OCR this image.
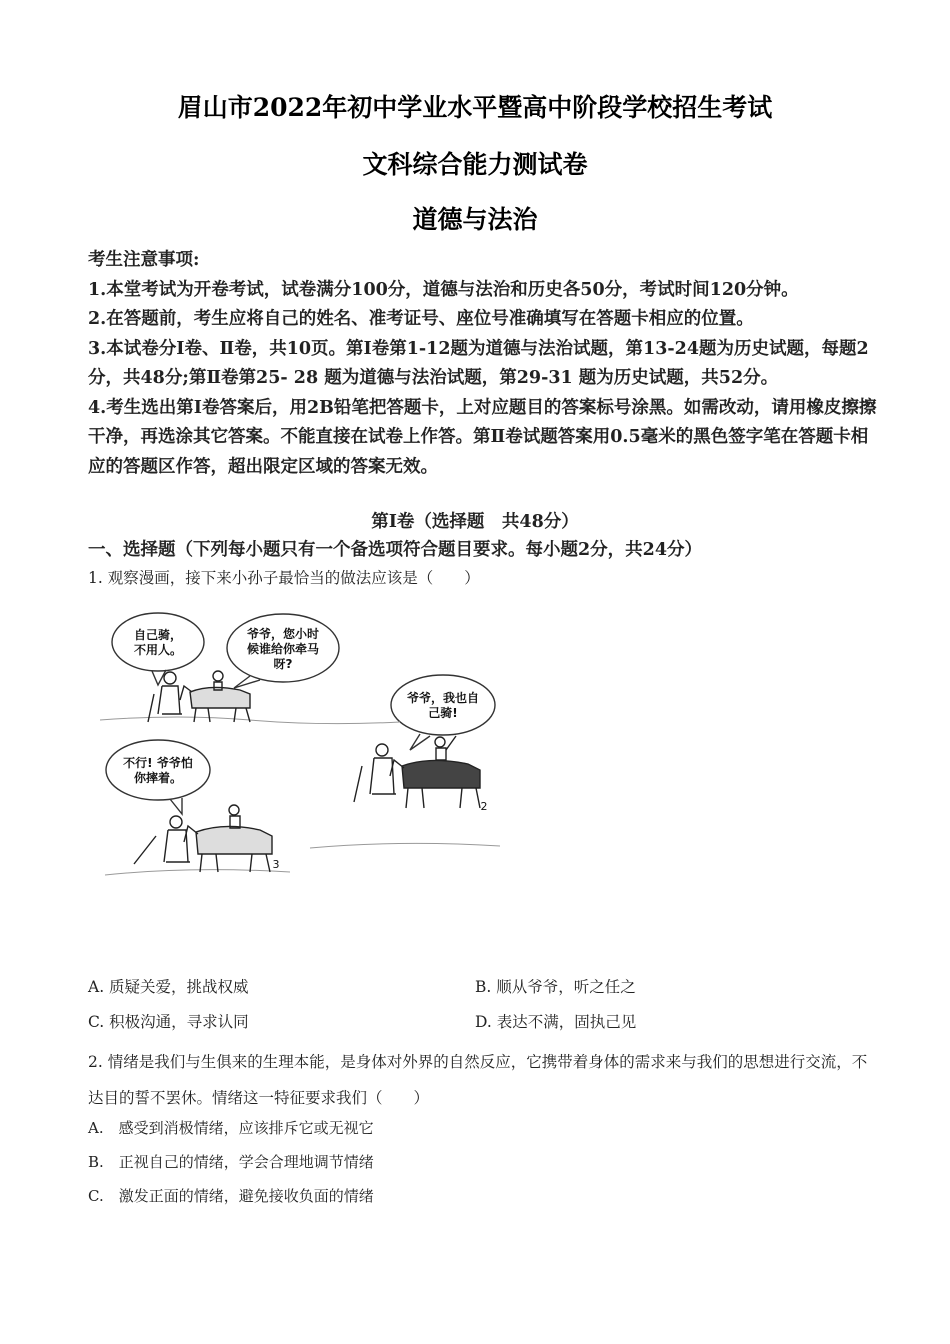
眉山市2022年初中学业水平暨高中阶段学校招生考试
文科综合能力测试卷
道德与法治

考生注意事项:

1.本堂考试为开卷考试，试卷满分100分，道德与法治和历史各50分，考试时间120分钟。

2.在答题前，考生应将自己的姓名、准考证号、座位号准确填写在答题卡相应的位置。

3.本试卷分Ⅰ卷、Ⅱ卷，共10页。第Ⅰ卷第1-12题为道德与法治试题，第13-24题为历史试题，每题2分，共48分;第Ⅱ卷第25- 28 题为道德与法治试题，第29-31 题为历史试题，共52分。

4.考生选出第Ⅰ卷答案后，用2B铅笔把答题卡，上对应题目的答案标号涂黑。如需改动，请用橡皮擦擦干净，再选涂其它答案。不能直接在试卷上作答。第Ⅱ卷试题答案用0.5毫米的黑色签字笔在答题卡相应的答题区作答，超出限定区域的答案无效。

第Ⅰ卷（选择题　共48分）
一、选择题（下列每小题只有一个备选项符合题目要求。每小题2分，共24分）
1. 观察漫画，接下来小孙子最恰当的做法应该是（　　）
自己骑，
不用人。
爷爷，您小时
候谁给你牵马
呀?
爷爷，我也自
己骑!
不行! 爷爷怕
你摔着。
2
3
A. 质疑关爱，挑战权威	B. 顺从爷爷，听之任之
C. 积极沟通，寻求认同	D. 表达不满，固执己见
2. 情绪是我们与生俱来的生理本能，是身体对外界的自然反应，它携带着身体的需求来与我们的思想进行交流，不达目的誓不罢休。情绪这一特征要求我们（　　）
A.　感受到消极情绪，应该排斥它或无视它
B.　正视自己的情绪，学会合理地调节情绪
C.　激发正面的情绪，避免接收负面的情绪
